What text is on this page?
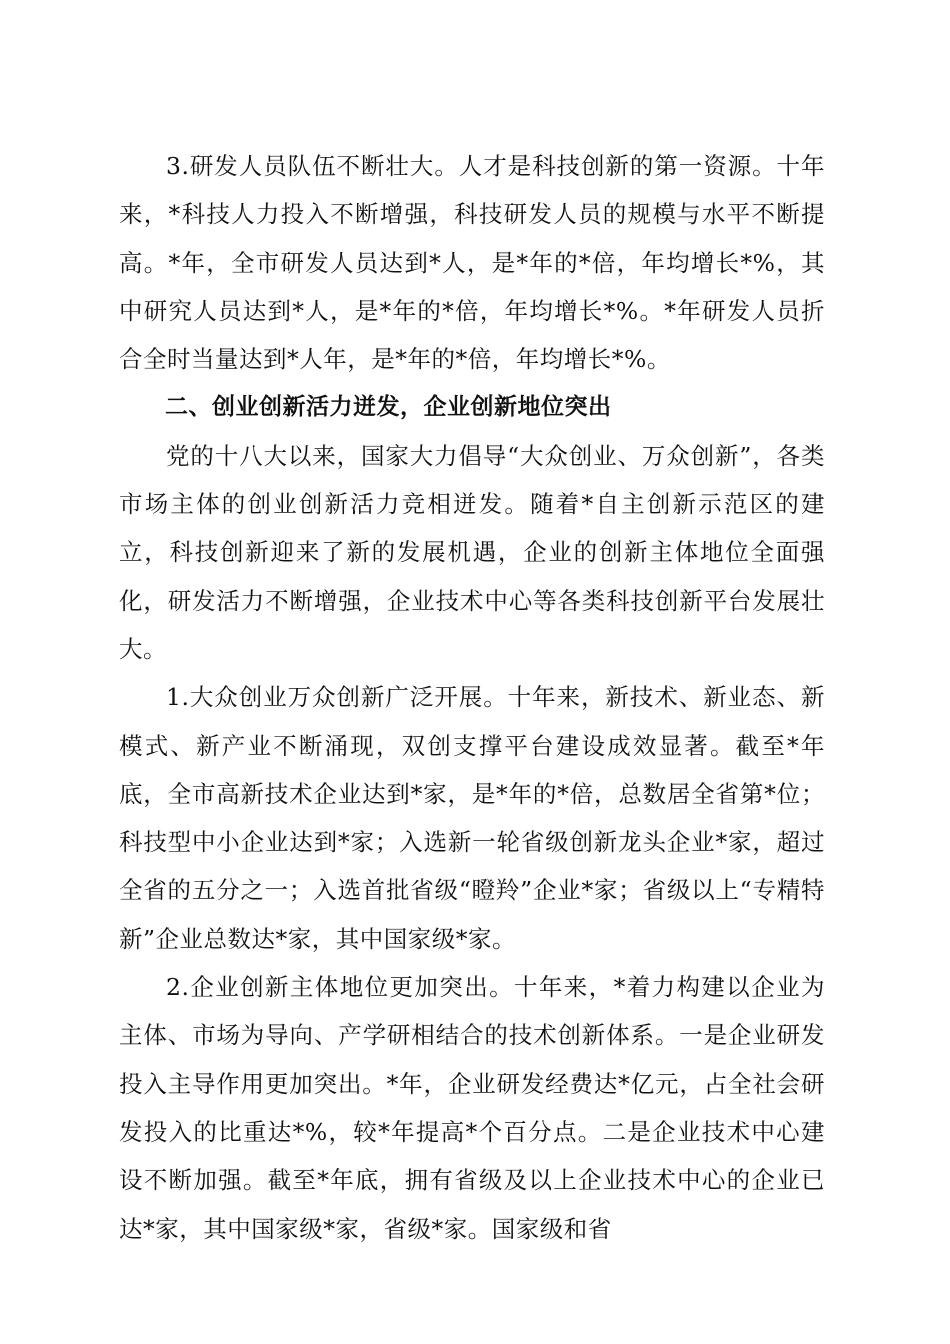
3.研发人员队伍不断壮大。人才是科技创新的第一资源。十年来，*科技人力投入不断增强，科技研发人员的规模与水平不断提高。*年，全市研发人员达到*人，是*年的*倍，年均增长*%，其中研究人员达到*人，是*年的*倍，年均增长*%。*年研发人员折合全时当量达到*人年，是*年的*倍，年均增长*%。

二、创业创新活力迸发，企业创新地位突出

党的十八大以来，国家大力倡导“大众创业、万众创新”，各类市场主体的创业创新活力竞相迸发。随着*自主创新示范区的建立，科技创新迎来了新的发展机遇，企业的创新主体地位全面强化，研发活力不断增强，企业技术中心等各类科技创新平台发展壮大。

1.大众创业万众创新广泛开展。十年来，新技术、新业态、新模式、新产业不断涌现，双创支撑平台建设成效显著。截至*年底，全市高新技术企业达到*家，是*年的*倍，总数居全省第*位；科技型中小企业达到*家；入选新一轮省级创新龙头企业*家，超过全省的五分之一；入选首批省级“瞪羚”企业*家；省级以上“专精特新”企业总数达*家，其中国家级*家。

2.企业创新主体地位更加突出。十年来，*着力构建以企业为主体、市场为导向、产学研相结合的技术创新体系。一是企业研发投入主导作用更加突出。*年，企业研发经费达*亿元，占全社会研发投入的比重达*%，较*年提高*个百分点。二是企业技术中心建设不断加强。截至*年底，拥有省级及以上企业技术中心的企业已达*家，其中国家级*家，省级*家。国家级和省
